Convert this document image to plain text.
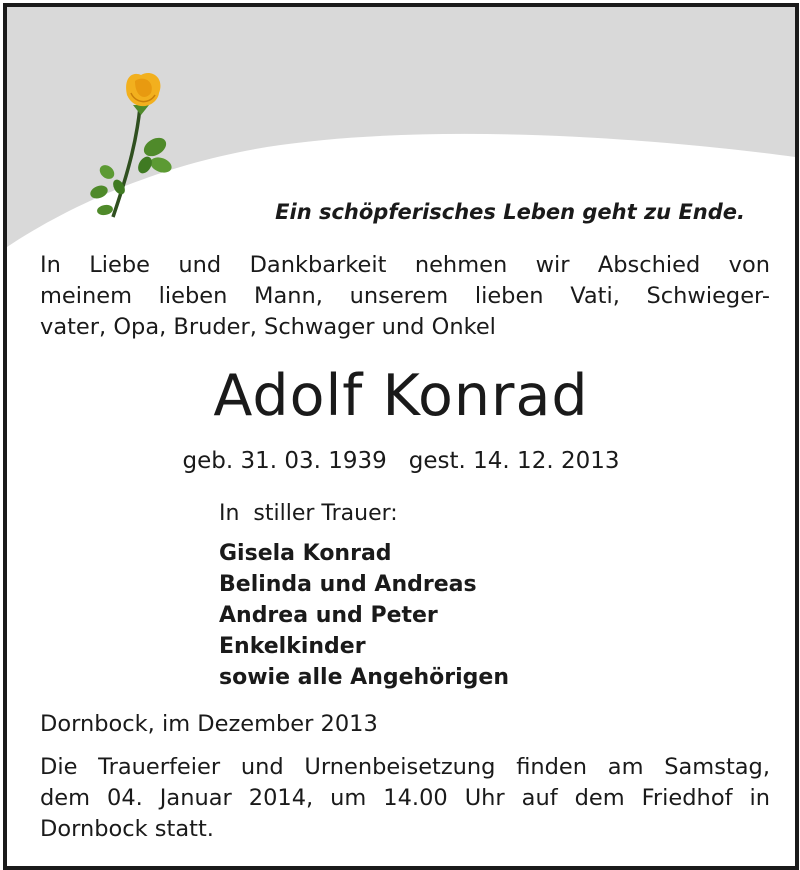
Ein schöpferisches Leben geht zu Ende.
In Liebe und Dankbarkeit nehmen wir Abschied von
meinem lieben Mann, unserem lieben Vati, Schwieger-
vater, Opa, Bruder, Schwager und Onkel
Adolf Konrad
geb. 31. 03. 1939 gest. 14. 12. 2013
In  stiller Trauer:
Gisela Konrad
Belinda und Andreas
Andrea und Peter
Enkelkinder
sowie alle Angehörigen
Dornbock, im Dezember 2013
Die Trauerfeier und Urnenbeisetzung finden am Samstag,
dem 04. Januar 2014, um 14.00 Uhr auf dem Friedhof in
Dornbock statt.
